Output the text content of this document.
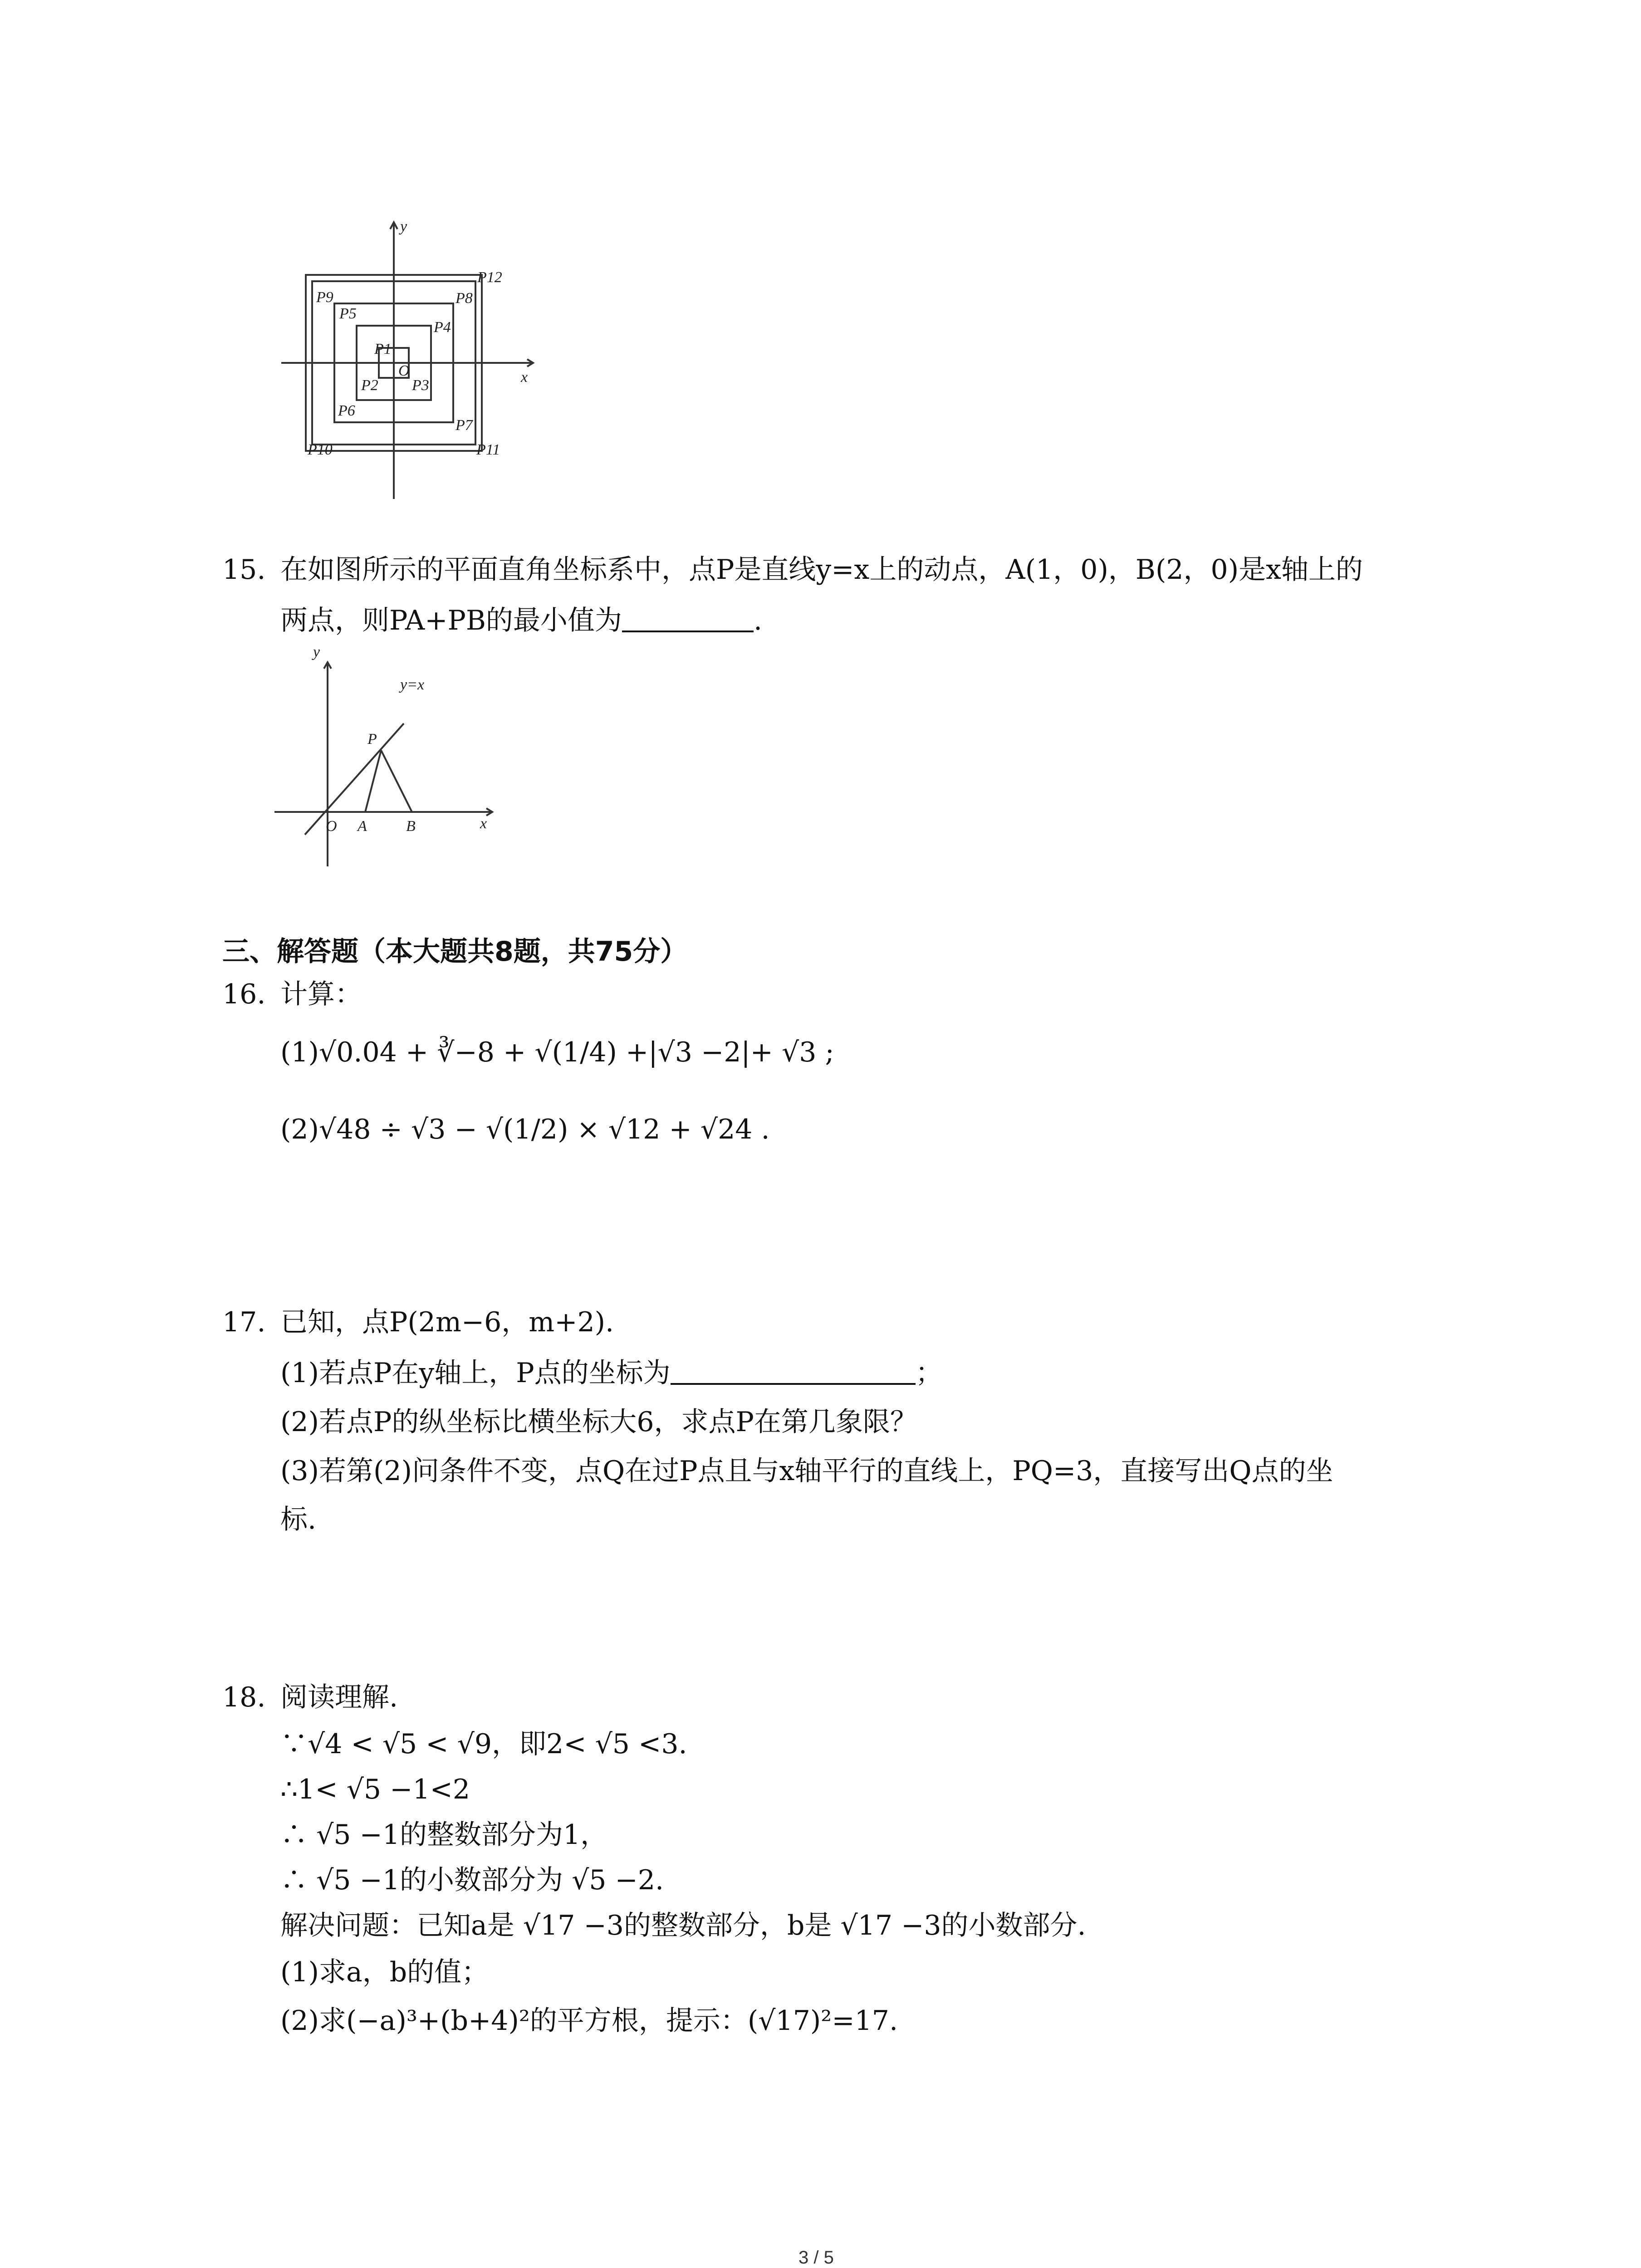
y
x
O
P1
P2 P3
P4
P5
P6
P7
P8
P9
P10	P11
P12
15. 在如图所示的平面直角坐标系中，点P是直线y=x上的动点，A(1，0)，B(2，0)是x轴上的
两点，则PA+PB的最小值为	.
y
x
y=x
P
O A	B
三、解答题（本大题共8题，共75分）
16. 计算：
(1)√0.04 + ∛−8 + √(1/4) +|√3 −2|+ √3 ;
(2)√48 ÷ √3 − √(1/2) × √12 + √24 .
17. 已知，点P(2m−6，m+2).
(1)若点P在y轴上，P点的坐标为	；
(2)若点P的纵坐标比横坐标大6，求点P在第几象限？
(3)若第(2)问条件不变，点Q在过P点且与x轴平行的直线上，PQ=3，直接写出Q点的坐
标.
18. 阅读理解.
∵√4 < √5 < √9，即2< √5 <3.
∴1< √5 −1<2
∴ √5 −1的整数部分为1，
∴ √5 −1的小数部分为 √5 −2.
解决问题：已知a是 √17 −3的整数部分，b是 √17 −3的小数部分.
(1)求a，b的值；
(2)求(−a)³+(b+4)²的平方根，提示：(√17)²=17.
3 / 5
